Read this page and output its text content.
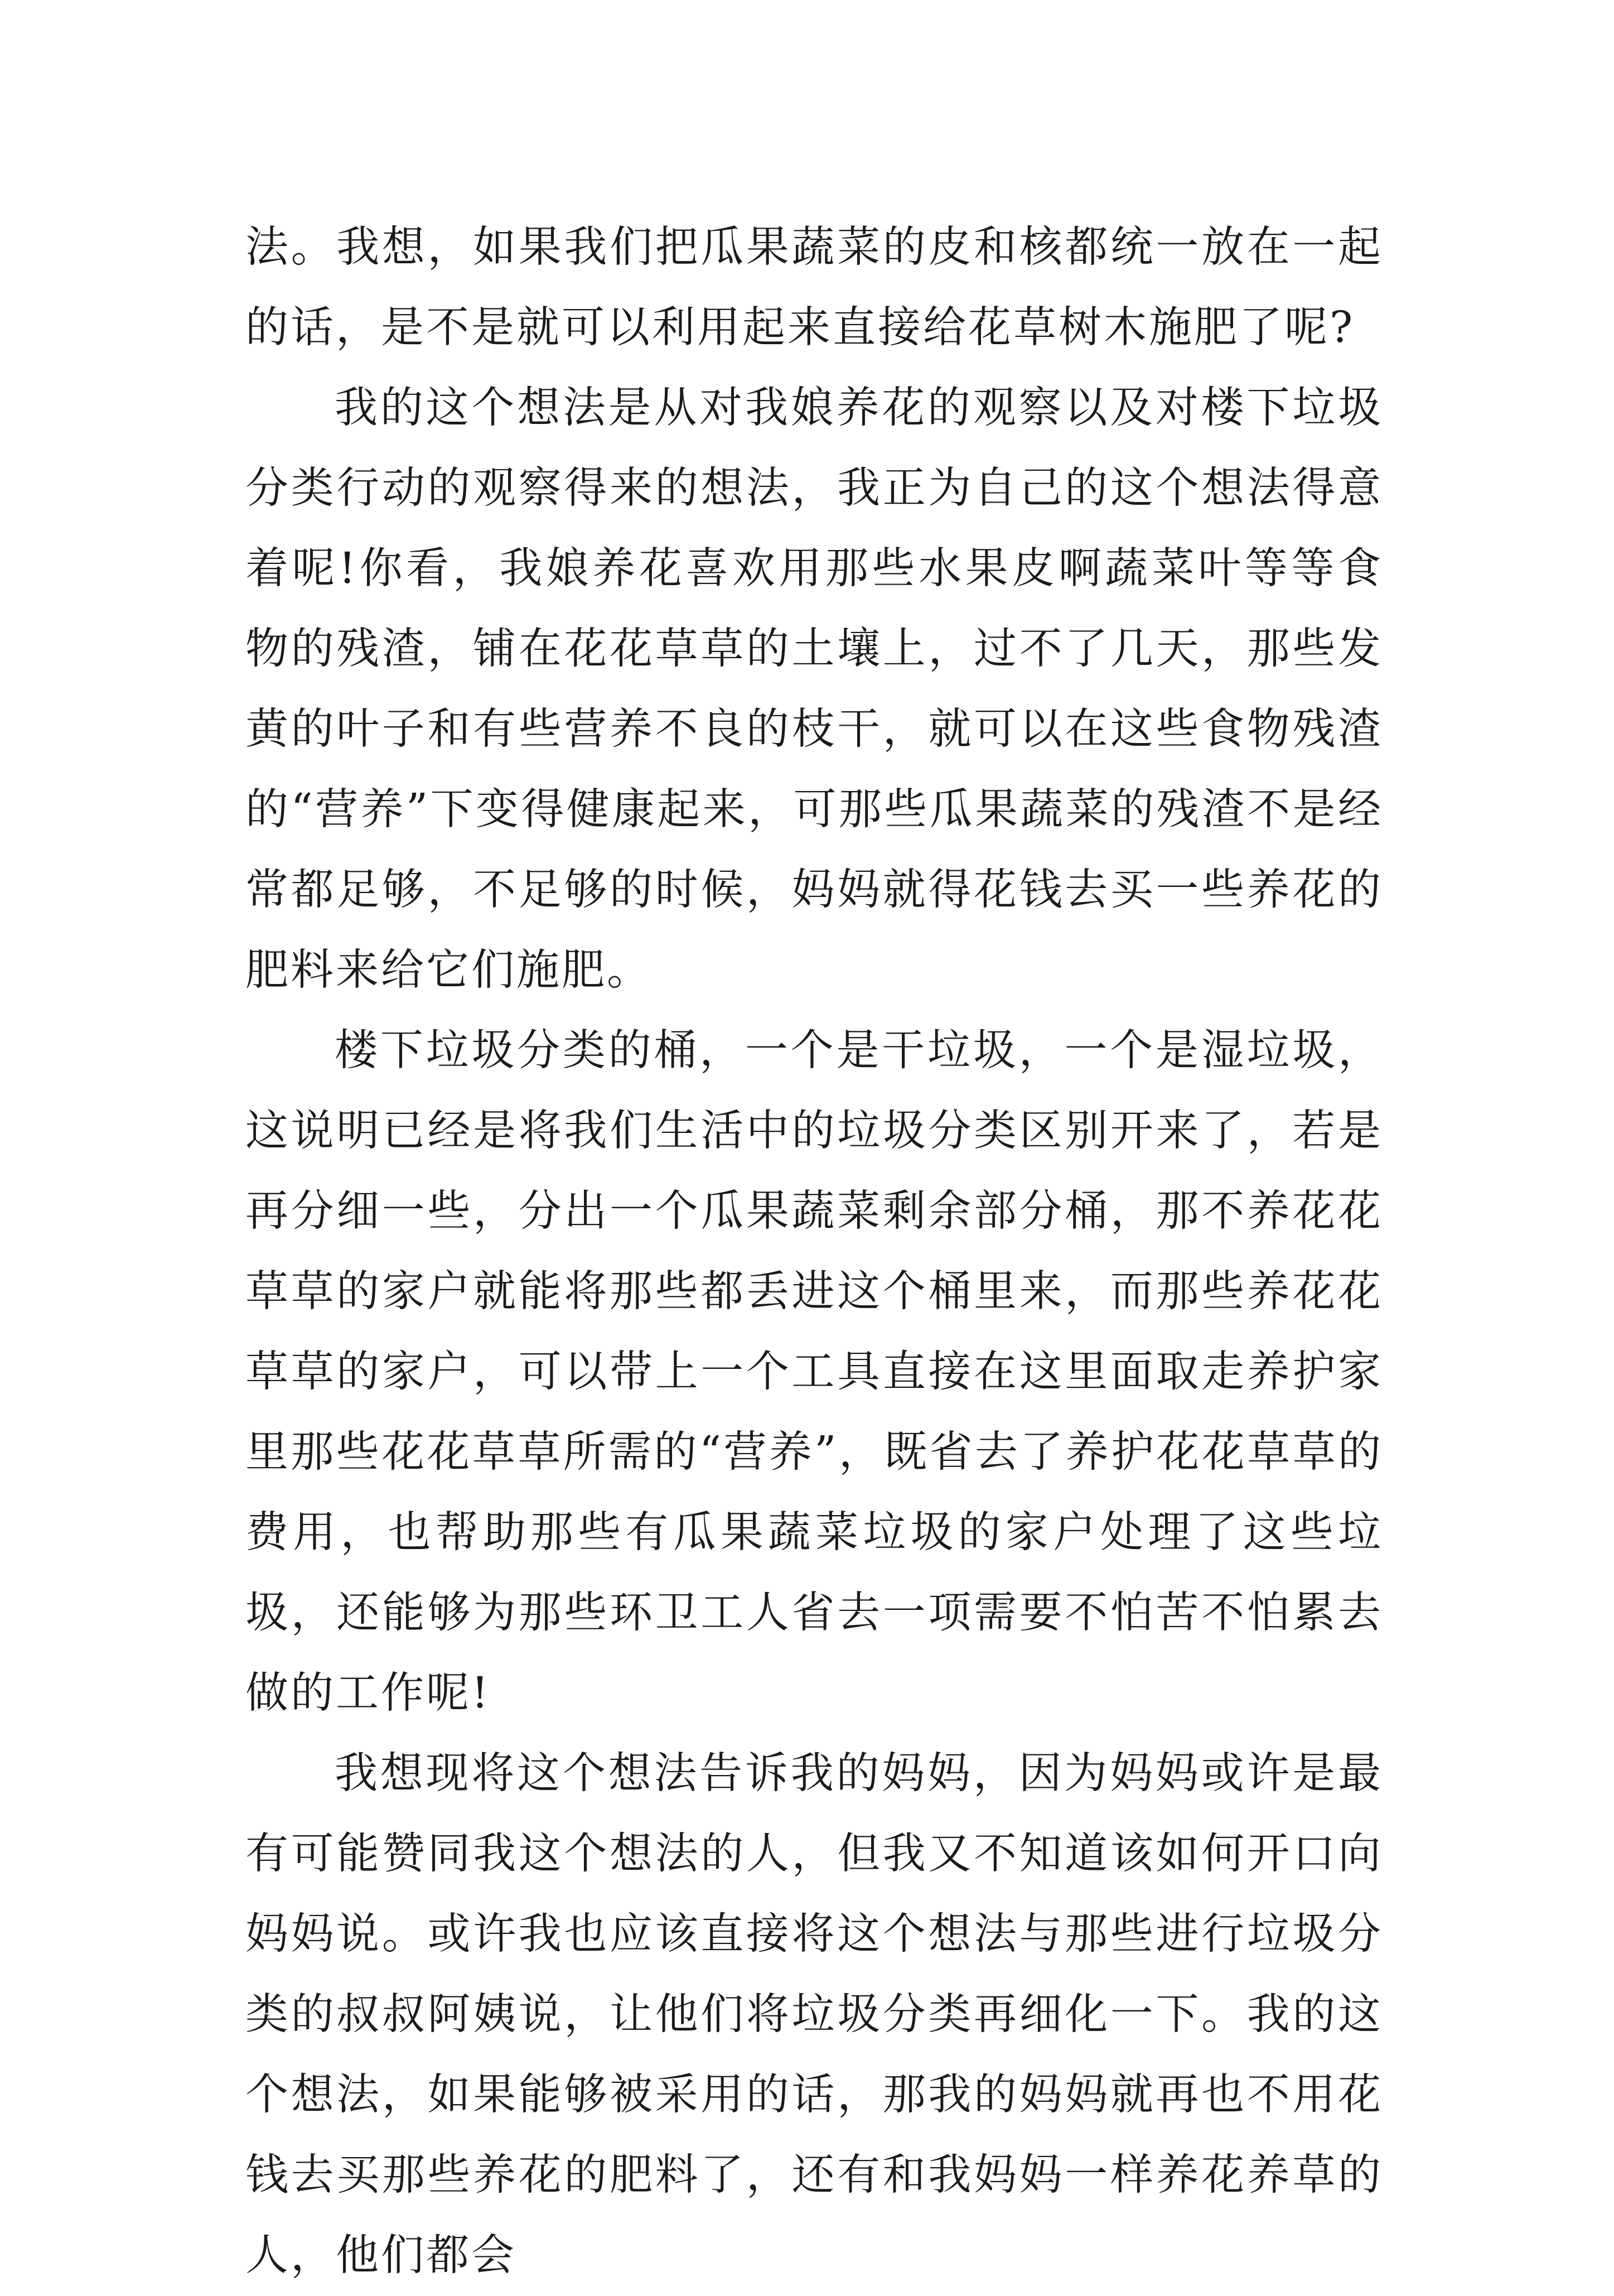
法。我想，如果我们把瓜果蔬菜的皮和核都统一放在一起的话，是不是就可以利用起来直接给花草树木施肥了呢?

我的这个想法是从对我娘养花的观察以及对楼下垃圾分类行动的观察得来的想法，我正为自己的这个想法得意着呢!你看，我娘养花喜欢用那些水果皮啊蔬菜叶等等食物的残渣，铺在花花草草的土壤上，过不了几天，那些发黄的叶子和有些营养不良的枝干，就可以在这些食物残渣的“营养”下变得健康起来，可那些瓜果蔬菜的残渣不是经常都足够，不足够的时候，妈妈就得花钱去买一些养花的肥料来给它们施肥。

楼下垃圾分类的桶，一个是干垃圾，一个是湿垃圾，这说明已经是将我们生活中的垃圾分类区别开来了，若是再分细一些，分出一个瓜果蔬菜剩余部分桶，那不养花花草草的家户就能将那些都丢进这个桶里来，而那些养花花草草的家户，可以带上一个工具直接在这里面取走养护家里那些花花草草所需的“营养”，既省去了养护花花草草的费用，也帮助那些有瓜果蔬菜垃圾的家户处理了这些垃圾，还能够为那些环卫工人省去一项需要不怕苦不怕累去做的工作呢!

我想现将这个想法告诉我的妈妈，因为妈妈或许是最有可能赞同我这个想法的人，但我又不知道该如何开口向妈妈说。或许我也应该直接将这个想法与那些进行垃圾分类的叔叔阿姨说，让他们将垃圾分类再细化一下。我的这个想法，如果能够被采用的话，那我的妈妈就再也不用花钱去买那些养花的肥料了，还有和我妈妈一样养花养草的人，他们都会
